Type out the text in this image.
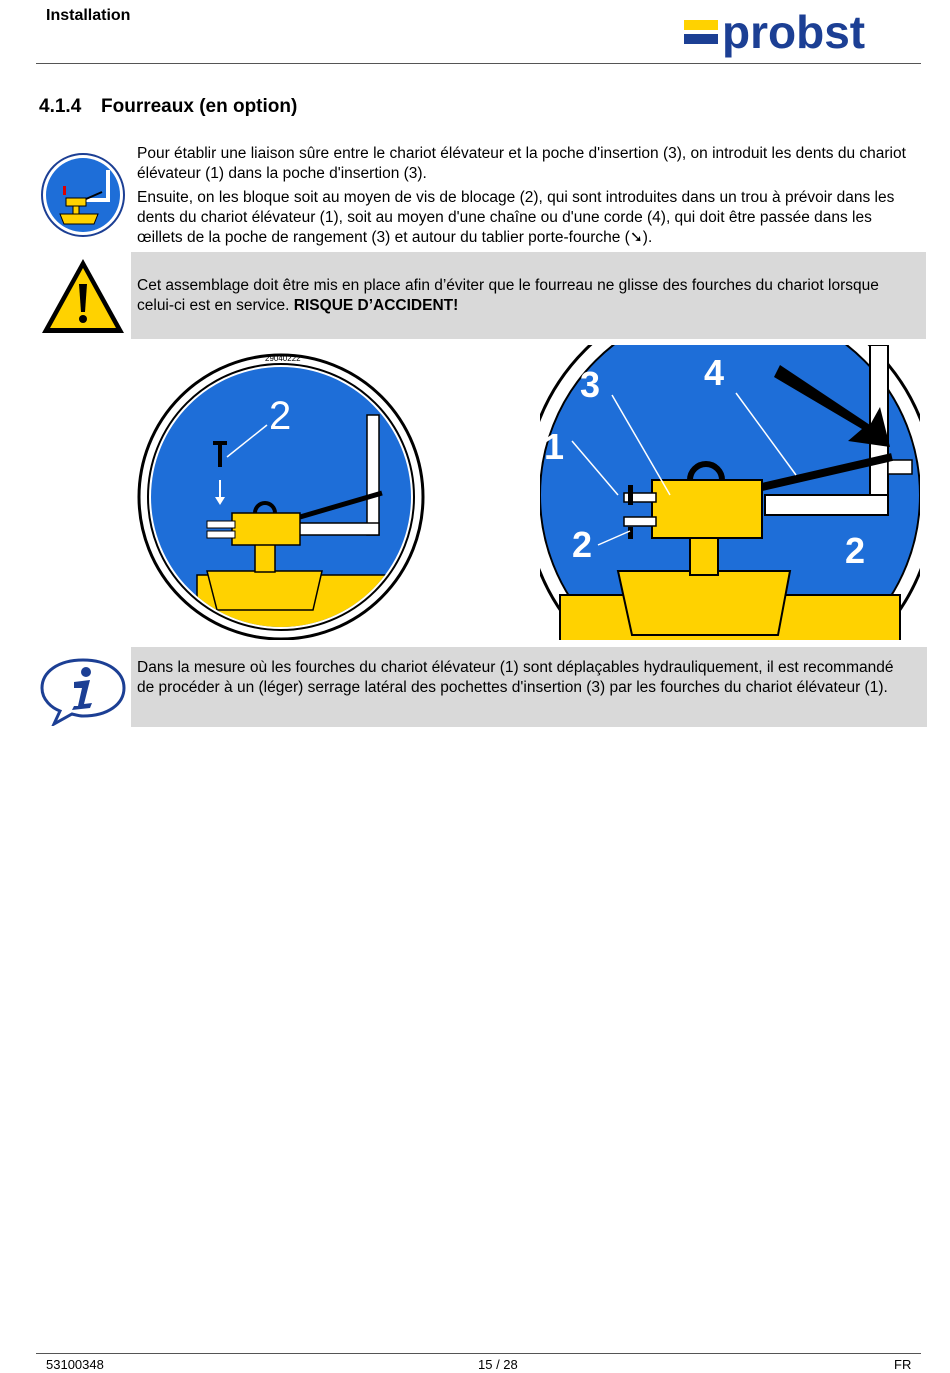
Installation	probst
4.1.4 Fourreaux (en option)
Pour établir une liaison sûre entre le chariot élévateur et la poche d'insertion (3), on introduit les dents du chariot élévateur (1) dans la poche d'insertion (3).
Ensuite, on les bloque soit au moyen de vis de blocage (2), qui sont introduites dans un trou à prévoir dans les dents du chariot élévateur (1), soit au moyen d'une chaîne ou d'une corde (4), qui doit être passée dans les œillets de la poche de rangement (3) et autour du tablier porte-fourche (➘).
Cet assemblage doit être mis en place afin d’éviter que le fourreau ne glisse des fourches du chariot lorsque celui-ci est en service. RISQUE D’ACCIDENT!
29040222
2
3	4
1
2	2
Dans la mesure où les fourches du chariot élévateur (1) sont déplaçables hydrauliquement, il est recommandé de procéder à un (léger) serrage latéral des pochettes d'insertion (3) par les fourches du chariot élévateur (1).
53100348	15 / 28	FR
